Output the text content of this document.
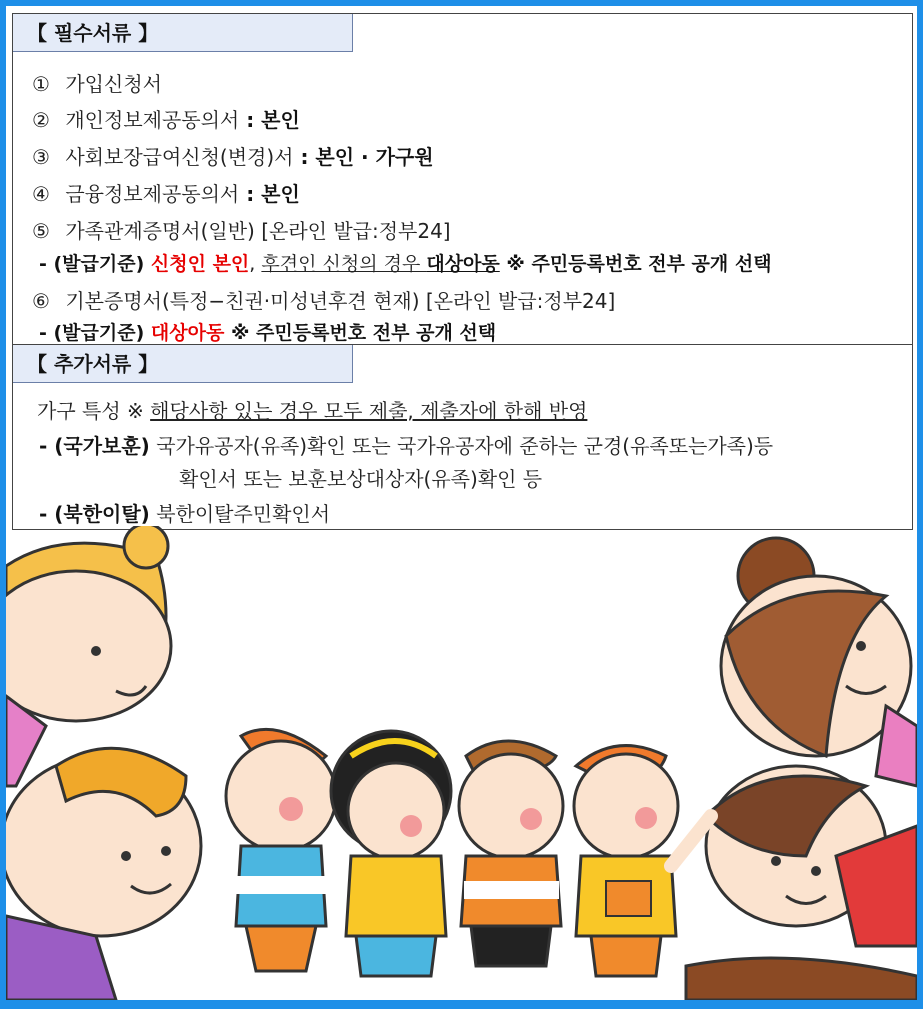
【 필수서류 】
① 가입신청서
② 개인정보제공동의서 : 본인
③ 사회보장급여신청(변경)서 : 본인 · 가구원
④ 금융정보제공동의서 : 본인
⑤ 가족관계증명서(일반) [온라인 발급:정부24]
- (발급기준) 신청인 본인, 후견인 신청의 경우 대상아동 ※ 주민등록번호 전부 공개 선택
⑥ 기본증명서(특정−친권·미성년후견 현재) [온라인 발급:정부24]
- (발급기준) 대상아동 ※ 주민등록번호 전부 공개 선택
【 추가서류 】
가구 특성 ※ 해당사항 있는 경우 모두 제출, 제출자에 한해 반영
- (국가보훈) 국가유공자(유족)확인 또는 국가유공자에 준하는 군경(유족또는가족)등
확인서 또는 보훈보상대상자(유족)확인 등
- (북한이탈) 북한이탈주민확인서
